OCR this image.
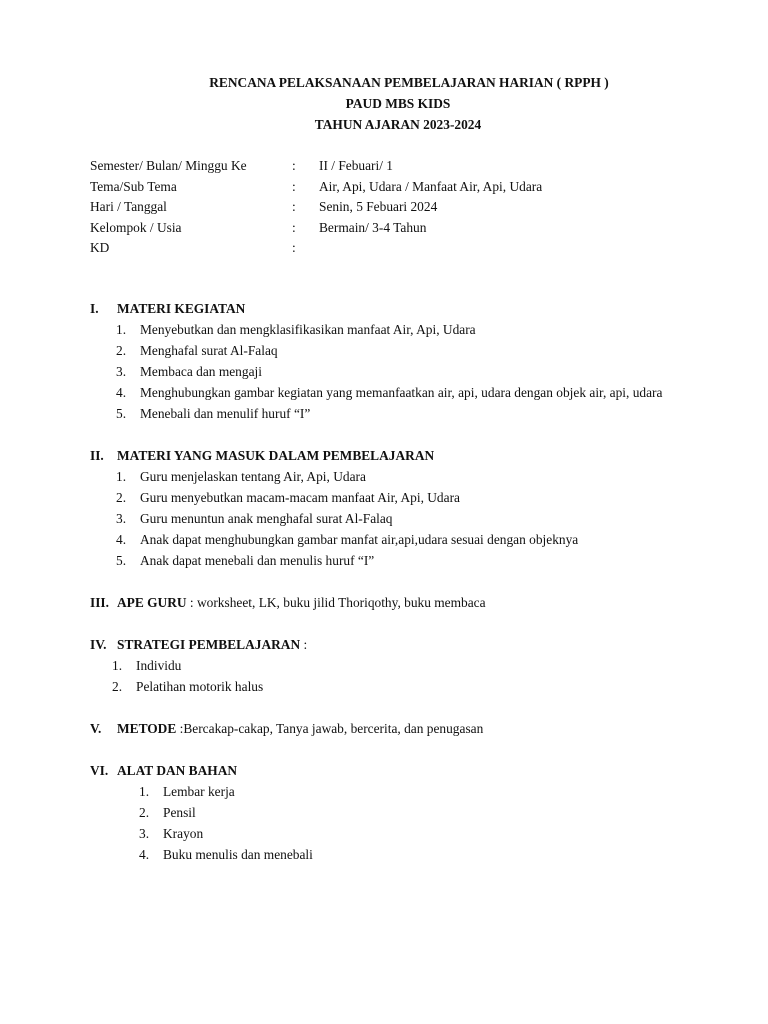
RENCANA PELAKSANAAN PEMBELAJARAN HARIAN ( RPPH )
PAUD MBS KIDS
TAHUN AJARAN 2023-2024
Semester/ Bulan/ Minggu Ke	: II / Febuari/ 1
Tema/Sub Tema	: Air, Api, Udara / Manfaat Air, Api, Udara
Hari / Tanggal	: Senin, 5 Febuari 2024
Kelompok / Usia	: Bermain/ 3-4 Tahun
KD	:
I. MATERI KEGIATAN
1. Menyebutkan dan mengklasifikasikan manfaat Air, Api, Udara
2. Menghafal surat Al-Falaq
3. Membaca dan mengaji
4. Menghubungkan gambar kegiatan yang memanfaatkan air, api, udara dengan objek air, api, udara
5. Menebali dan menulif huruf “I”
II. MATERI YANG MASUK DALAM PEMBELAJARAN
1. Guru menjelaskan tentang Air, Api, Udara
2. Guru menyebutkan macam-macam manfaat Air, Api, Udara
3. Guru menuntun anak menghafal surat Al-Falaq
4. Anak dapat menghubungkan gambar manfat air,api,udara sesuai dengan objeknya
5. Anak dapat menebali dan menulis huruf “I”
III. APE GURU : worksheet, LK, buku jilid Thoriqothy, buku membaca
IV. STRATEGI PEMBELAJARAN :
1. Individu
2. Pelatihan motorik halus
V. METODE :Bercakap-cakap, Tanya jawab, bercerita, dan penugasan
VI. ALAT DAN BAHAN
1. Lembar kerja
2. Pensil
3. Krayon
4. Buku menulis dan menebali
